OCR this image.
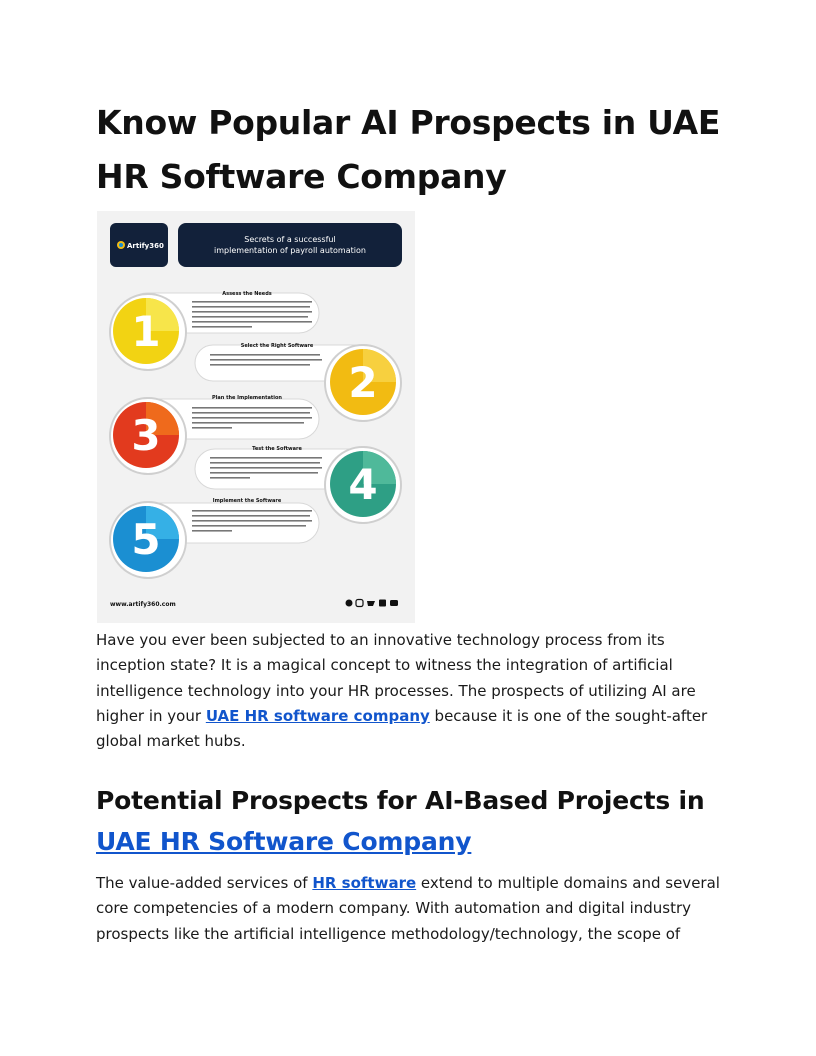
Know Popular AI Prospects in UAE HR Software Company
Artify360
Secrets of a successful
implementation of payroll automation
Assess the Needs
1	Select the Right Software
2
Plan the Implementation
3	Test the Software
4
Implement the Software
5
www.artify360.com

Have you ever been subjected to an innovative technology process from its inception state? It is a magical concept to witness the integration of artificial intelligence technology into your HR processes. The prospects of utilizing AI are higher in your UAE HR software company because it is one of the sought-after global market hubs.

Potential Prospects for AI-Based Projects in UAE HR Software Company

The value-added services of HR software extend to multiple domains and several core competencies of a modern company. With automation and digital industry prospects like the artificial intelligence methodology/technology, the scope of
